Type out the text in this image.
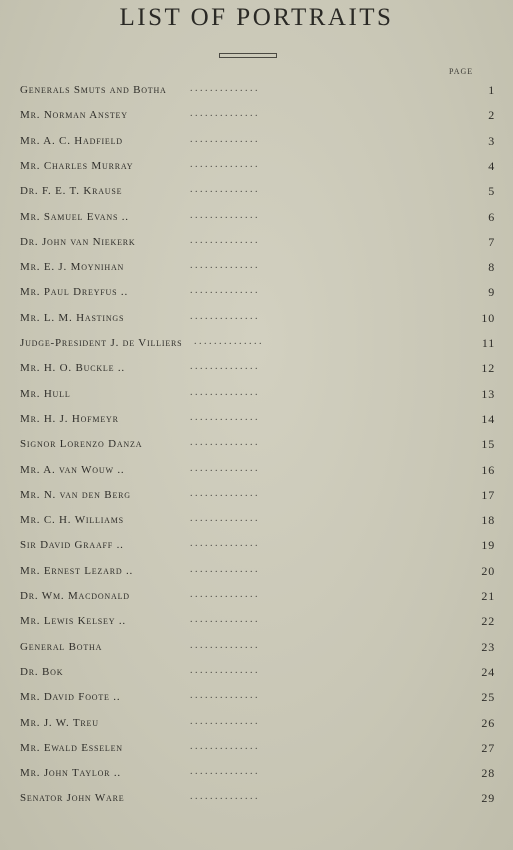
LIST OF PORTRAITS
PAGE
Generals Smuts and Botha . . . . . . . . . . . . . .	1
Mr. Norman Anstey	. . . . . . . . . . . . . .	2
Mr. A. C. Hadfield	. . . . . . . . . . . . . .	3
Mr. Charles Murray	. . . . . . . . . . . . . .	4
Dr. F. E. T. Krause	. . . . . . . . . . . . . .	5
Mr. Samuel Evans ..	. . . . . . . . . . . . . .	6
Dr. John van Niekerk	. . . . . . . . . . . . . .	7
Mr. E. J. Moynihan	. . . . . . . . . . . . . .	8
Mr. Paul Dreyfus ..	. . . . . . . . . . . . . .	9
Mr. L. M. Hastings	. . . . . . . . . . . . . .	10
Judge-President J. de Villiers . . . . . . . . . . . . . .	11
Mr. H. O. Buckle ..	. . . . . . . . . . . . . .	12
Mr. Hull	. . . . . . . . . . . . . .	13
Mr. H. J. Hofmeyr	. . . . . . . . . . . . . .	14
Signor Lorenzo Danza	. . . . . . . . . . . . . .	15
Mr. A. van Wouw ..	. . . . . . . . . . . . . .	16
Mr. N. van den Berg	. . . . . . . . . . . . . .	17
Mr. C. H. Williams	. . . . . . . . . . . . . .	18
Sir David Graaff ..	. . . . . . . . . . . . . .	19
Mr. Ernest Lezard ..	. . . . . . . . . . . . . .	20
Dr. Wm. Macdonald	. . . . . . . . . . . . . .	21
Mr. Lewis Kelsey ..	. . . . . . . . . . . . . .	22
General Botha	. . . . . . . . . . . . . .	23
Dr. Bok	. . . . . . . . . . . . . .	24
Mr. David Foote ..	. . . . . . . . . . . . . .	25
Mr. J. W. Treu	. . . . . . . . . . . . . .	26
Mr. Ewald Esselen	. . . . . . . . . . . . . .	27
Mr. John Taylor ..	. . . . . . . . . . . . . .	28
Senator John Ware	. . . . . . . . . . . . . .	29
